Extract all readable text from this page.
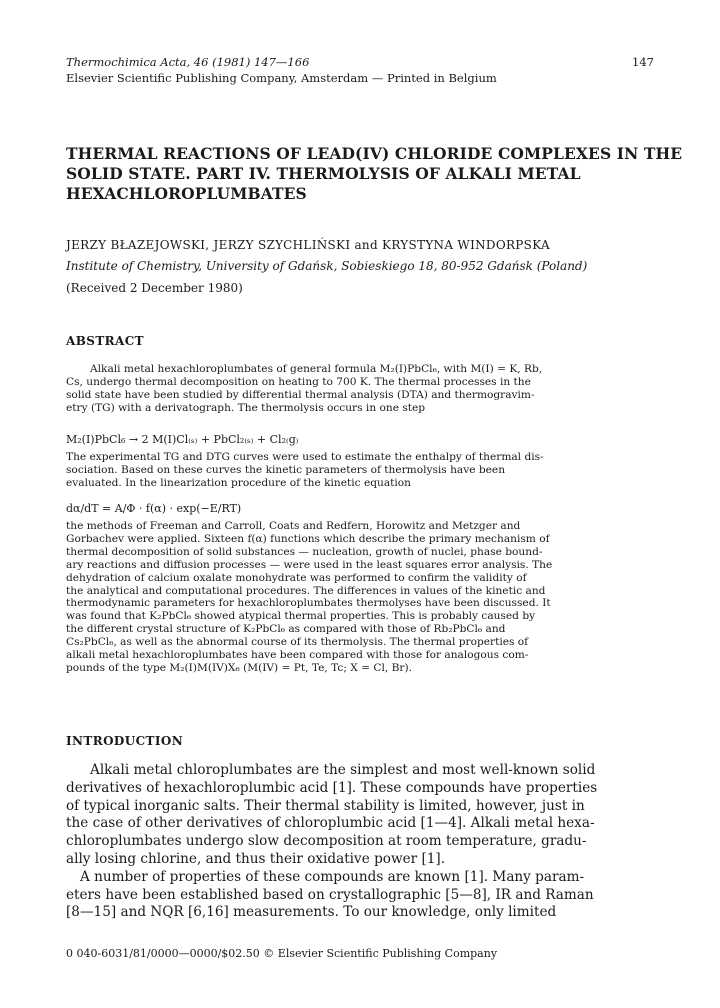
Thermochimica Acta, 46 (1981) 147—166	147
Elsevier Scientific Publishing Company, Amsterdam — Printed in Belgium
THERMAL REACTIONS OF LEAD(IV) CHLORIDE COMPLEXES IN THE
SOLID STATE. PART IV. THERMOLYSIS OF ALKALI METAL
HEXACHLOROPLUMBATES
JERZY BŁAZEJOWSKI, JERZY SZYCHLIŃSKI and KRYSTYNA WINDORPSKA
Institute of Chemistry, University of Gdańsk, Sobieskiego 18, 80-952 Gdańsk (Poland)
(Received 2 December 1980)
ABSTRACT
Alkali metal hexachloroplumbates of general formula M₂(I)PbCl₆, with M(I) = K, Rb,
Cs, undergo thermal decomposition on heating to 700 K. The thermal processes in the
solid state have been studied by differential thermal analysis (DTA) and thermogravim-
etry (TG) with a derivatograph. The thermolysis occurs in one step
M₂(I)PbCl₆ → 2 M(I)Cl₍ₛ₎ + PbCl₂₍ₛ₎ + Cl₂₍g₎
The experimental TG and DTG curves were used to estimate the enthalpy of thermal dis-
sociation. Based on these curves the kinetic parameters of thermolysis have been
evaluated. In the linearization procedure of the kinetic equation
dα/dT = A/Φ · f(α) · exp(−E/RT)
the methods of Freeman and Carroll, Coats and Redfern, Horowitz and Metzger and
Gorbachev were applied. Sixteen f(α) functions which describe the primary mechanism of
thermal decomposition of solid substances — nucleation, growth of nuclei, phase bound-
ary reactions and diffusion processes — were used in the least squares error analysis. The
dehydration of calcium oxalate monohydrate was performed to confirm the validity of
the analytical and computational procedures. The differences in values of the kinetic and
thermodynamic parameters for hexachloroplumbates thermolyses have been discussed. It
was found that K₂PbCl₆ showed atypical thermal properties. This is probably caused by
the different crystal structure of K₂PbCl₆ as compared with those of Rb₂PbCl₆ and
Cs₂PbCl₆, as well as the abnormal course of its thermolysis. The thermal properties of
alkali metal hexachloroplumbates have been compared with those for analogous com-
pounds of the type M₂(I)M(IV)X₆ (M(IV) = Pt, Te, Tc; X = Cl, Br).
INTRODUCTION
Alkali metal chloroplumbates are the simplest and most well-known solid
derivatives of hexachloroplumbic acid [1]. These compounds have properties
of typical inorganic salts. Their thermal stability is limited, however, just in
the case of other derivatives of chloroplumbic acid [1—4]. Alkali metal hexa-
chloroplumbates undergo slow decomposition at room temperature, gradu-
ally losing chlorine, and thus their oxidative power [1].
A number of properties of these compounds are known [1]. Many param-
eters have been established based on crystallographic [5—8], IR and Raman
[8—15] and NQR [6,16] measurements. To our knowledge, only limited
0 040-6031/81/0000—0000/$02.50 © Elsevier Scientific Publishing Company
